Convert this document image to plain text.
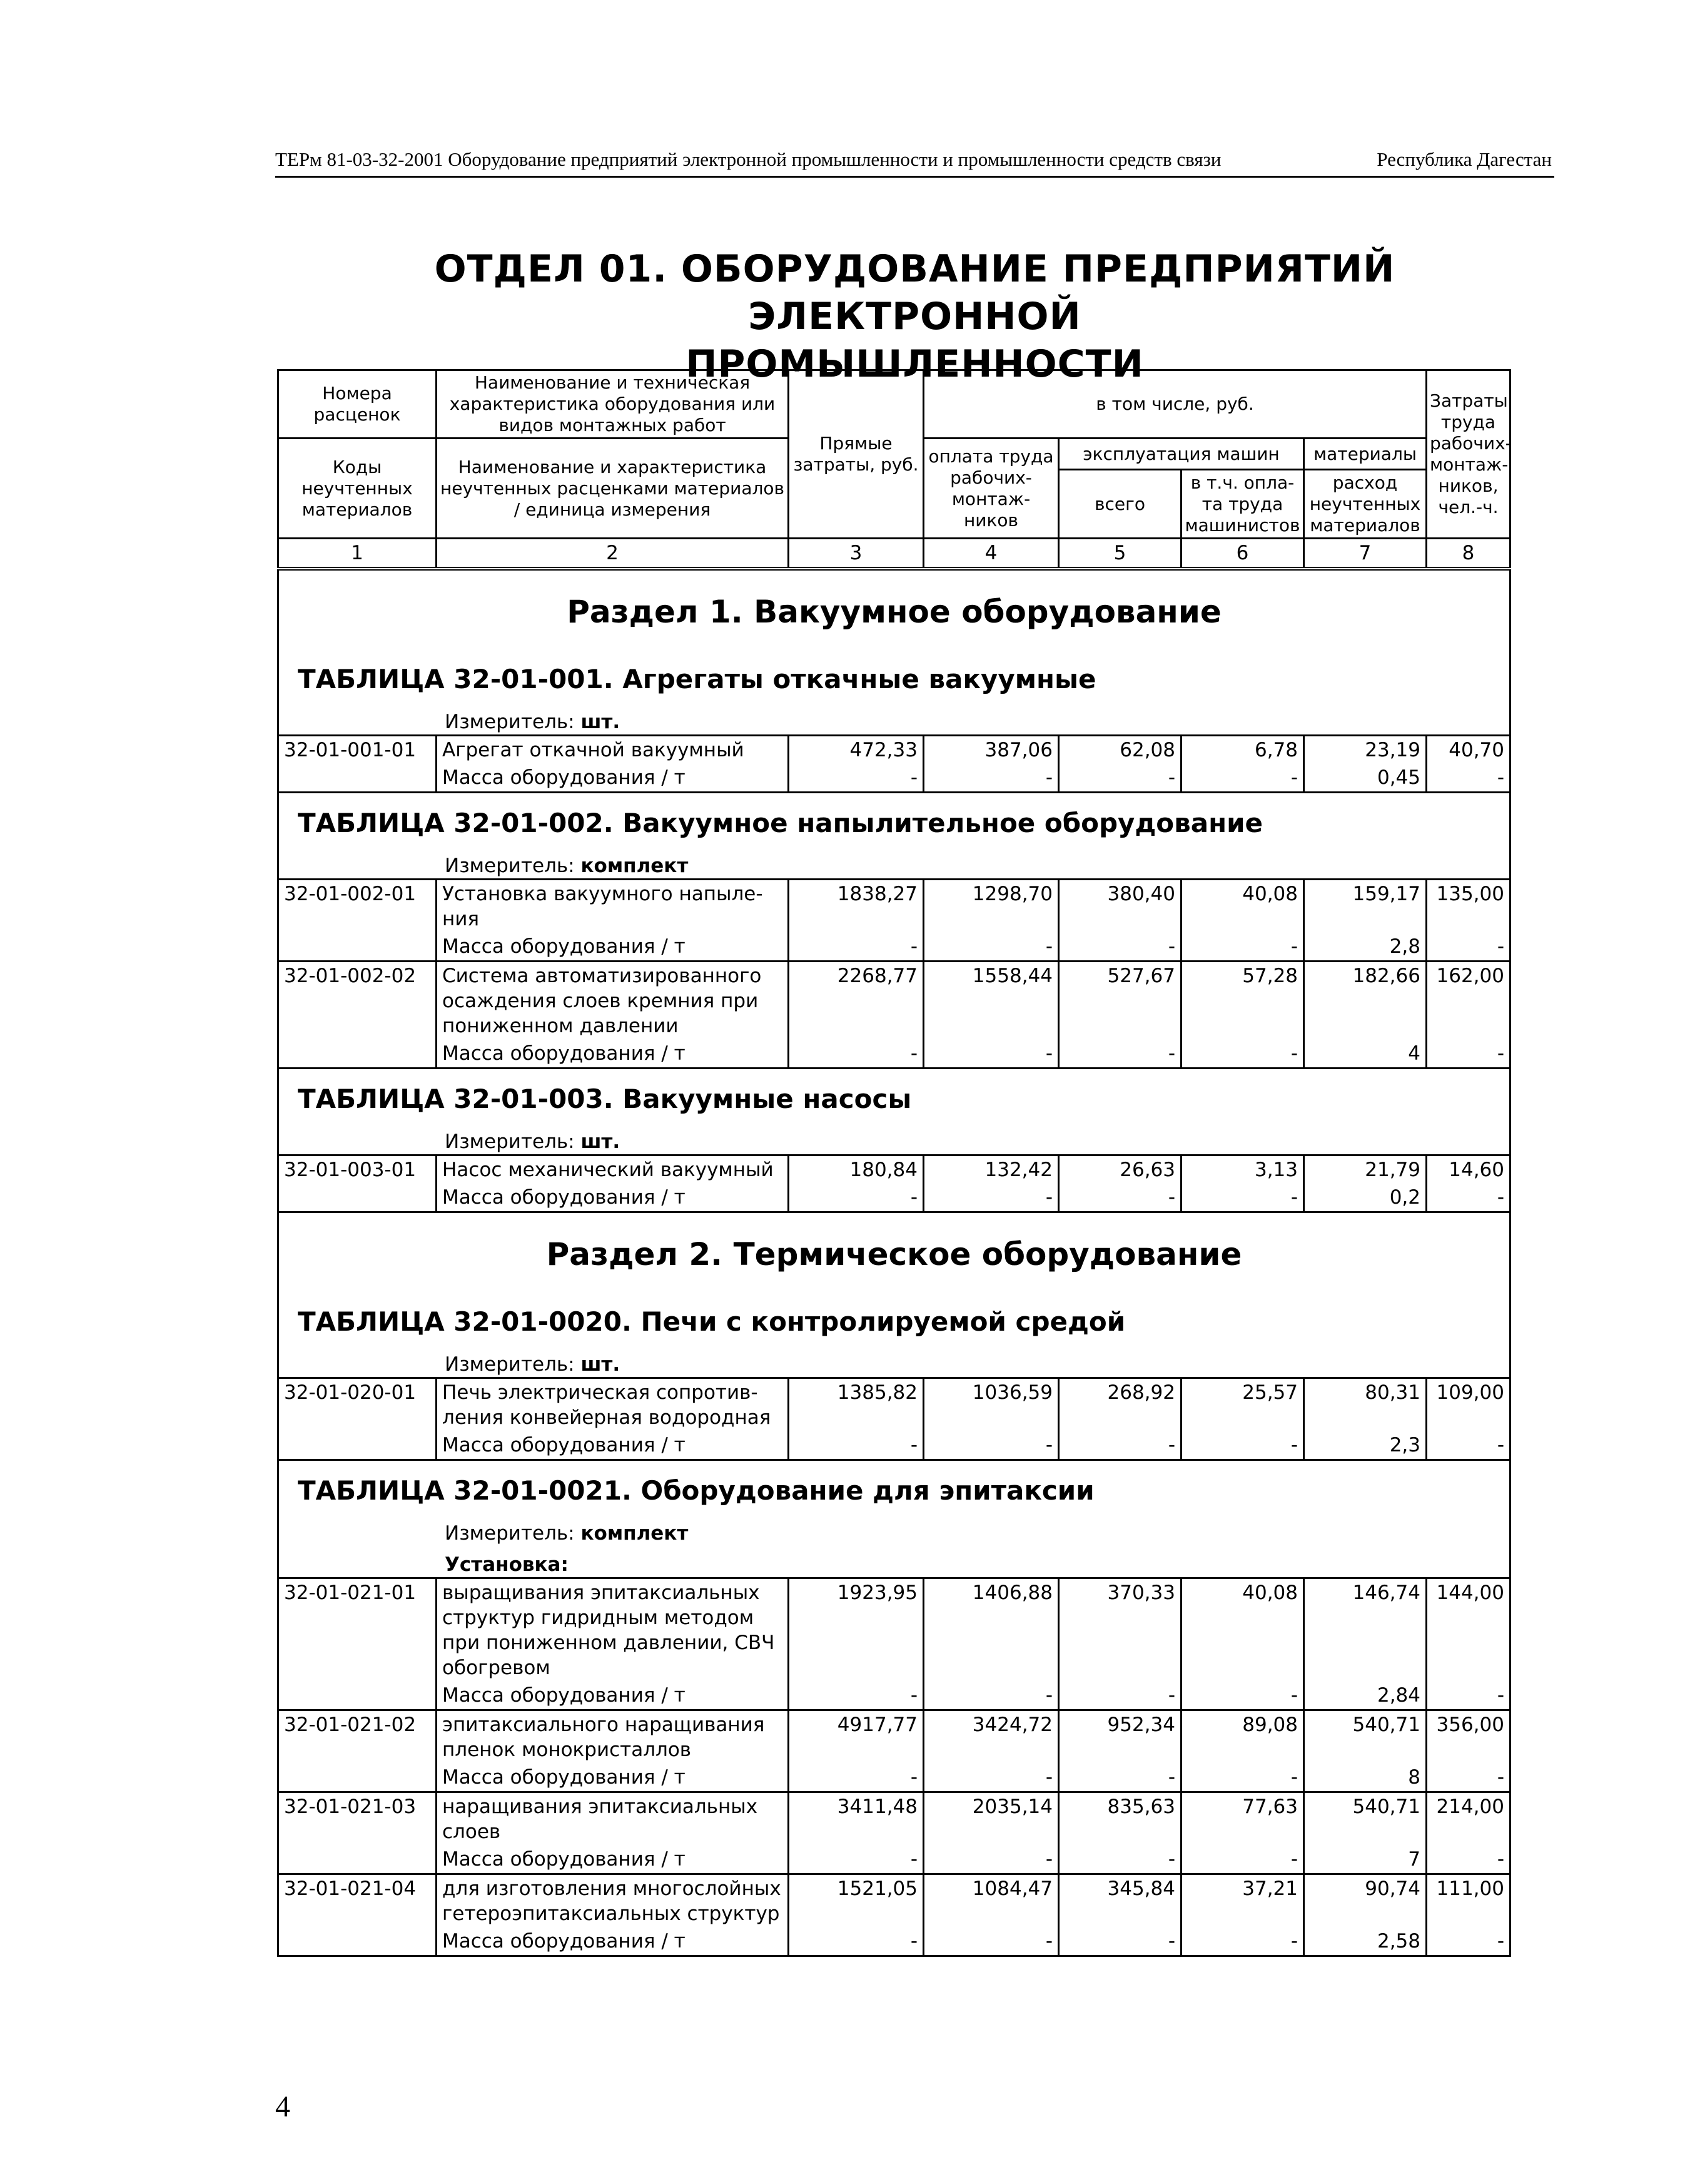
ТЕРм 81-03-32-2001 Оборудование предприятий электронной промышленности и промышленности средств связи	Республика Дагестан
ОТДЕЛ 01. ОБОРУДОВАНИЕ ПРЕДПРИЯТИЙ ЭЛЕКТРОННОЙ
ПРОМЫШЛЕННОСТИ
Номера расценок	Наименование и техническая характеристика оборудования или видов монтажных работ	Прямые затраты, руб.	в том числе, руб.				Затраты труда рабочих-монтаж-ников, чел.-ч.
Коды неучтенных материалов	Наименование и характеристика неучтенных расценками материалов / единица измерения		оплата труда рабочих-монтаж-ников	эксплуатация машин		материалы	
				всего	в т.ч. опла-та труда машинистов	расход неучтенных материалов	
1	2	3	4	5	6	7	8
Раздел 1. Вакуумное оборудование							
ТАБЛИЦА 32-01-001. Агрегаты откачные вакуумные							
Измеритель: шт.							
32-01-001-01	Агрегат откачной вакуумный	472,33	387,06	62,08	6,78	23,19	40,70
	Масса оборудования / т	-	-	-	-	0,45	-
ТАБЛИЦА 32-01-002. Вакуумное напылительное оборудование							
Измеритель: комплект							
32-01-002-01	Установка вакуумного напыле-ния	1838,27	1298,70	380,40	40,08	159,17	135,00
	Масса оборудования / т	-	-	-	-	2,8	-
32-01-002-02	Система автоматизированного осаждения слоев кремния при пониженном давлении	2268,77	1558,44	527,67	57,28	182,66	162,00
	Масса оборудования / т	-	-	-	-	4	-
ТАБЛИЦА 32-01-003. Вакуумные насосы							
Измеритель: шт.							
32-01-003-01	Насос механический вакуумный	180,84	132,42	26,63	3,13	21,79	14,60
	Масса оборудования / т	-	-	-	-	0,2	-
Раздел 2. Термическое оборудование							
ТАБЛИЦА 32-01-0020. Печи с контролируемой средой							
Измеритель: шт.							
32-01-020-01	Печь электрическая сопротив-ления конвейерная водородная	1385,82	1036,59	268,92	25,57	80,31	109,00
	Масса оборудования / т	-	-	-	-	2,3	-
ТАБЛИЦА 32-01-0021. Оборудование для эпитаксии							
Измеритель: комплект							
Установка:							
32-01-021-01	выращивания эпитаксиальных структур гидридным методом при пониженном давлении, СВЧ обогревом	1923,95	1406,88	370,33	40,08	146,74	144,00
	Масса оборудования / т	-	-	-	-	2,84	-
32-01-021-02	эпитаксиального наращивания пленок монокристаллов	4917,77	3424,72	952,34	89,08	540,71	356,00
	Масса оборудования / т	-	-	-	-	8	-
32-01-021-03	наращивания эпитаксиальных слоев	3411,48	2035,14	835,63	77,63	540,71	214,00
	Масса оборудования / т	-	-	-	-	7	-
32-01-021-04	для изготовления многослойных гетероэпитаксиальных структур	1521,05	1084,47	345,84	37,21	90,74	111,00
	Масса оборудования / т	-	-	-	-	2,58	-
4
